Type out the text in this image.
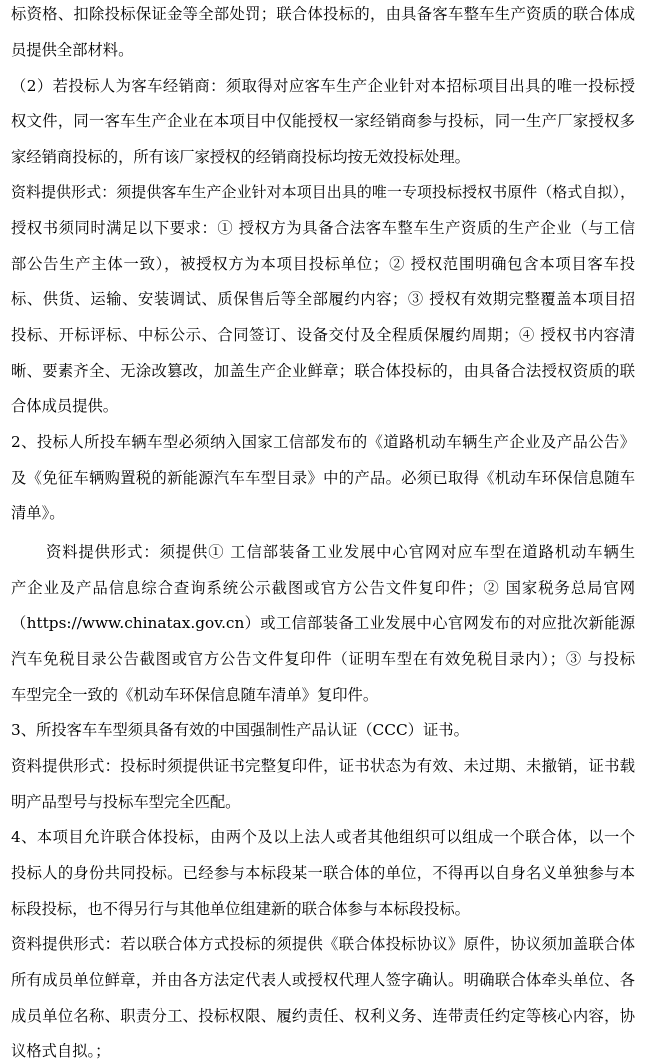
标资格、扣除投标保证金等全部处罚；联合体投标的，由具备客车整车生产资质的联合体成

员提供全部材料。

（2）若投标人为客车经销商：须取得对应客车生产企业针对本招标项目出具的唯一投标授

权文件，同一客车生产企业在本项目中仅能授权一家经销商参与投标，同一生产厂家授权多

家经销商投标的，所有该厂家授权的经销商投标均按无效投标处理。

资料提供形式：须提供客车生产企业针对本项目出具的唯一专项投标授权书原件（格式自拟），

授权书须同时满足以下要求：① 授权方为具备合法客车整车生产资质的生产企业（与工信

部公告生产主体一致），被授权方为本项目投标单位；② 授权范围明确包含本项目客车投

标、供货、运输、安装调试、质保售后等全部履约内容；③ 授权有效期完整覆盖本项目招

投标、开标评标、中标公示、合同签订、设备交付及全程质保履约周期；④ 授权书内容清

晰、要素齐全、无涂改篡改，加盖生产企业鲜章；联合体投标的，由具备合法授权资质的联

合体成员提供。

2、投标人所投车辆车型必须纳入国家工信部发布的《道路机动车辆生产企业及产品公告》

及《免征车辆购置税的新能源汽车车型目录》中的产品。必须已取得《机动车环保信息随车

清单》。

资料提供形式：须提供① 工信部装备工业发展中心官网对应车型在道路机动车辆生

产企业及产品信息综合查询系统公示截图或官方公告文件复印件；② 国家税务总局官网

（https://www.chinatax.gov.cn）或工信部装备工业发展中心官网发布的对应批次新能源

汽车免税目录公告截图或官方公告文件复印件（证明车型在有效免税目录内）；③ 与投标

车型完全一致的《机动车环保信息随车清单》复印件。

3、所投客车车型须具备有效的中国强制性产品认证（CCC）证书。

资料提供形式：投标时须提供证书完整复印件，证书状态为有效、未过期、未撤销，证书载

明产品型号与投标车型完全匹配。

4、本项目允许联合体投标，由两个及以上法人或者其他组织可以组成一个联合体，以一个

投标人的身份共同投标。已经参与本标段某一联合体的单位，不得再以自身名义单独参与本

标段投标，也不得另行与其他单位组建新的联合体参与本标段投标。

资料提供形式：若以联合体方式投标的须提供《联合体投标协议》原件，协议须加盖联合体

所有成员单位鲜章，并由各方法定代表人或授权代理人签字确认。明确联合体牵头单位、各

成员单位名称、职责分工、投标权限、履约责任、权利义务、连带责任约定等核心内容，协

议格式自拟。；
